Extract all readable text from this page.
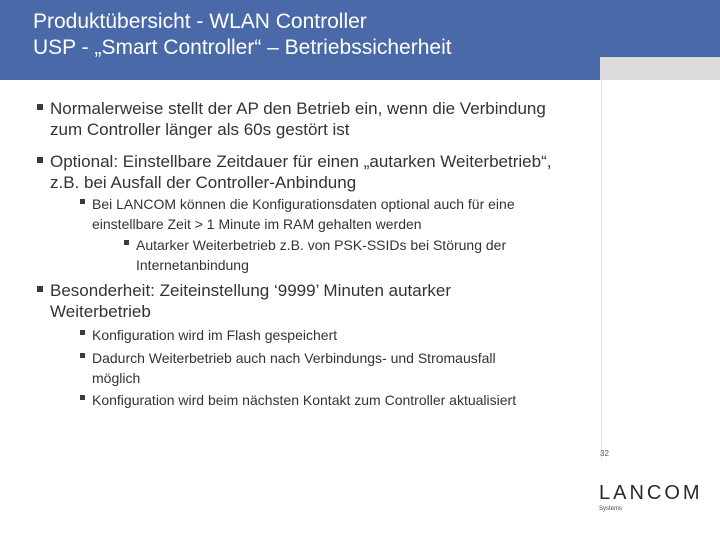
Produktübersicht - WLAN Controller
USP - „Smart Controller“ – Betriebssicherheit
Normalerweise stellt der AP den Betrieb ein, wenn die Verbindung
zum Controller länger als 60s gestört ist
Optional: Einstellbare Zeitdauer für einen „autarken Weiterbetrieb“,
z.B. bei Ausfall der Controller-Anbindung
Bei LANCOM können die Konfigurationsdaten optional auch für eine
einstellbare Zeit > 1 Minute im RAM gehalten werden
Autarker Weiterbetrieb z.B. von PSK-SSIDs bei Störung der
Internetanbindung
Besonderheit: Zeiteinstellung ‘9999’ Minuten autarker
Weiterbetrieb
Konfiguration wird im Flash gespeichert
Dadurch Weiterbetrieb auch nach Verbindungs- und Stromausfall
möglich
Konfiguration wird beim nächsten Kontakt zum Controller aktualisiert
32
LANCOM
Systems
